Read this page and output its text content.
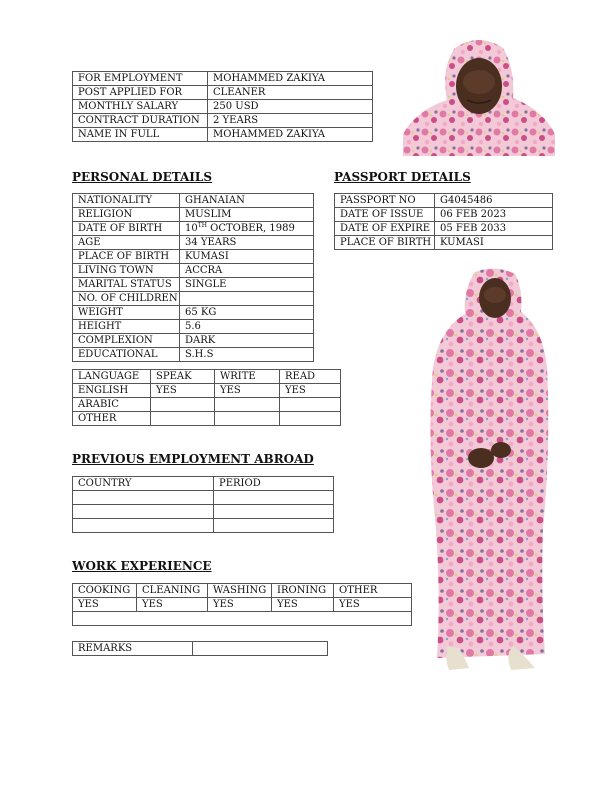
FOR EMPLOYMENT	MOHAMMED ZAKIYA
POST APPLIED FOR	CLEANER
MONTHLY SALARY	250 USD
CONTRACT DURATION	2 YEARS
NAME IN FULL	MOHAMMED ZAKIYA
PERSONAL DETAILS
NATIONALITY	GHANAIAN
RELIGION	MUSLIM
DATE OF BIRTH	10TH OCTOBER, 1989
AGE	34 YEARS
PLACE OF BIRTH	KUMASI
LIVING TOWN	ACCRA
MARITAL STATUS	SINGLE
NO. OF CHILDREN	
WEIGHT	65 KG
HEIGHT	5.6
COMPLEXION	DARK
EDUCATIONAL	S.H.S
LANGUAGE	SPEAK	WRITE	READ
ENGLISH	YES	YES	YES
ARABIC			
OTHER			
PASSPORT DETAILS
PASSPORT NO	G4045486
DATE OF ISSUE	06 FEB 2023
DATE OF EXPIRE	05 FEB 2033
PLACE OF BIRTH	KUMASI
PREVIOUS EMPLOYMENT ABROAD
COUNTRY	PERIOD

WORK EXPERIENCE
COOKING	CLEANING	WASHING	IRONING	OTHER
YES	YES	YES	YES	YES

REMARKS	
